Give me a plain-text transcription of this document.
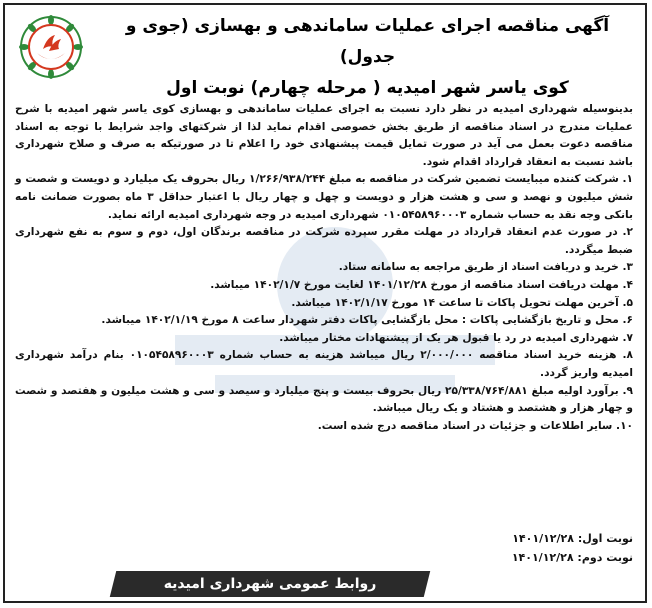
آگهی مناقصه اجرای عملیات ساماندهی و بهسازی (جوی و جدول)
کوی یاسر شهر امیدیه ( مرحله چهارم) نوبت اول

بدینوسیله شهرداری امیدیه در نظر دارد نسبت به اجرای عملیات ساماندهی و بهسازی کوی یاسر شهر امیدیه با شرح عملیات مندرج در اسناد مناقصه از طریق بخش خصوصی اقدام نماید لذا از شرکتهای واجد شرایط با توجه به اسناد مناقصه دعوت بعمل می آید در صورت تمایل قیمت پیشنهادی خود را اعلام تا در صورتیکه به صرف و صلاح شهرداری باشد نسبت به انعقاد قرارداد اقدام شود.

۱. شرکت کننده میبایست تضمین شرکت در مناقصه به مبلغ ۱/۲۶۶/۹۳۸/۲۴۴ ریال بحروف یک میلیارد و دویست و شصت و شش میلیون و نهصد و سی و هشت هزار و دویست و چهل و چهار ریال با اعتبار حداقل ۳ ماه بصورت ضمانت نامه بانکی وجه نقد به حساب شماره ۰۱۰۵۴۵۸۹۶۰۰۰۳ شهرداری امیدیه در وجه شهرداری امیدیه ارائه نماید.

۲. در صورت عدم انعقاد قرارداد در مهلت مقرر سپرده شرکت در مناقصه برندگان اول، دوم و سوم به نفع شهرداری ضبط میگردد.

۳. خرید و دریافت اسناد از طریق مراجعه به سامانه ستاد.

۴. مهلت دریافت اسناد مناقصه از مورخ ۱۴۰۱/۱۲/۲۸ لغایت مورخ ۱۴۰۲/۱/۷ میباشد.

۵. آخرین مهلت تحویل پاکات تا ساعت ۱۴ مورخ ۱۴۰۲/۱/۱۷ میباشد.

۶. محل و تاریخ بازگشایی پاکات : محل بازگشایی پاکات دفتر شهردار ساعت ۸ مورخ ۱۴۰۲/۱/۱۹ میباشد.

۷. شهرداری امیدیه در رد یا قبول هر یک از پیشنهادات مختار میباشد.

۸. هزینه خرید اسناد مناقصه ۲/۰۰۰/۰۰۰ ریال میباشد هزینه به حساب شماره ۰۱۰۵۴۵۸۹۶۰۰۰۳ بنام درآمد شهرداری امیدیه واریز گردد.

۹. برآورد اولیه مبلغ ۲۵/۳۳۸/۷۶۴/۸۸۱ ریال بحروف بیست و پنج میلیارد و سیصد و سی و هشت میلیون و هفتصد و شصت و چهار هزار و هشتصد و هشتاد و یک ریال میباشد.

۱۰. سایر اطلاعات و جزئیات در اسناد مناقصه درج شده است.

نوبت اول: ۱۴۰۱/۱۲/۲۸
نوبت دوم: ۱۴۰۱/۱۲/۲۸
روابط عمومی شهرداری امیدیه
